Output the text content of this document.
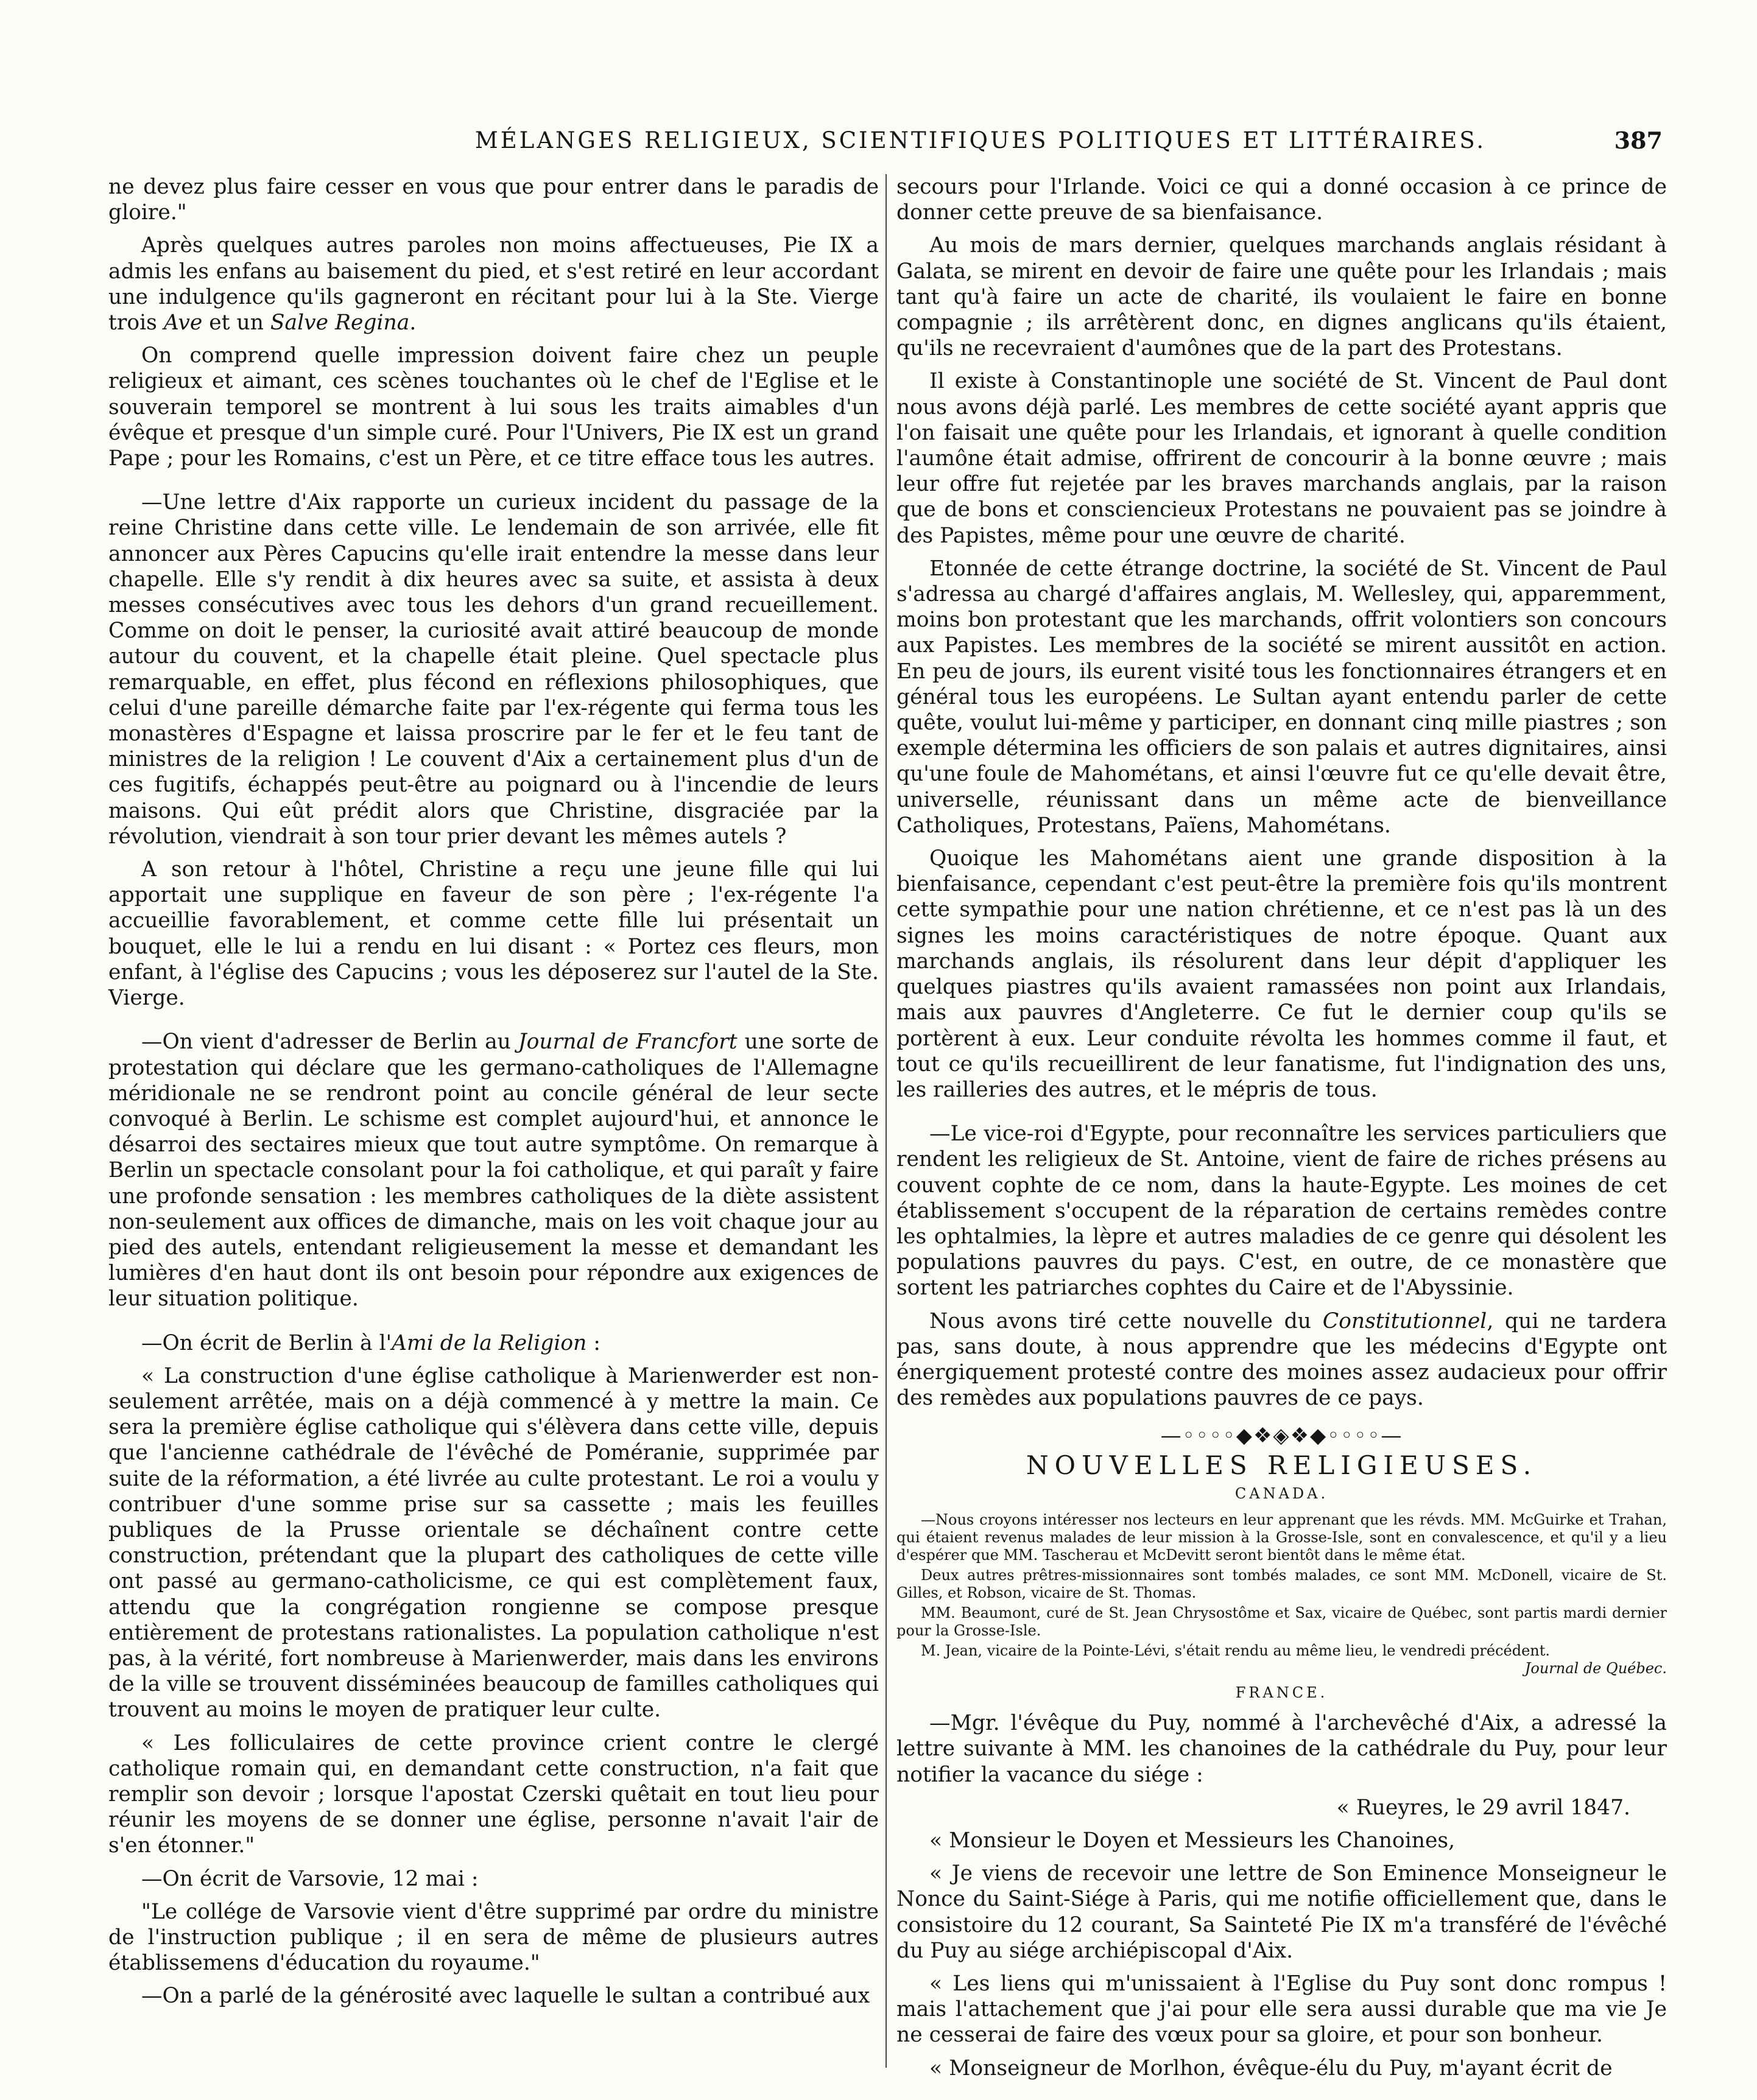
MÉLANGES RELIGIEUX, SCIENTIFIQUES POLITIQUES ET LITTÉRAIRES.	387

ne devez plus faire cesser en vous que pour entrer dans le paradis de gloire."

Après quelques autres paroles non moins affectueuses, Pie IX a admis les enfans au baisement du pied, et s'est retiré en leur accordant une indulgence qu'ils gagneront en récitant pour lui à la Ste. Vierge trois Ave et un Salve Regina.

On comprend quelle impression doivent faire chez un peuple religieux et aimant, ces scènes touchantes où le chef de l'Eglise et le souverain temporel se montrent à lui sous les traits aimables d'un évêque et presque d'un simple curé. Pour l'Univers, Pie IX est un grand Pape ; pour les Romains, c'est un Père, et ce titre efface tous les autres.

—Une lettre d'Aix rapporte un curieux incident du passage de la reine Christine dans cette ville. Le lendemain de son arrivée, elle fit annoncer aux Pères Capucins qu'elle irait entendre la messe dans leur chapelle. Elle s'y rendit à dix heures avec sa suite, et assista à deux messes consécutives avec tous les dehors d'un grand recueillement. Comme on doit le penser, la curiosité avait attiré beaucoup de monde autour du couvent, et la chapelle était pleine. Quel spectacle plus remarquable, en effet, plus fécond en réflexions philosophiques, que celui d'une pareille démarche faite par l'ex-régente qui ferma tous les monastères d'Espagne et laissa proscrire par le fer et le feu tant de ministres de la religion ! Le couvent d'Aix a certainement plus d'un de ces fugitifs, échappés peut-être au poignard ou à l'incendie de leurs maisons. Qui eût prédit alors que Christine, disgraciée par la révolution, viendrait à son tour prier devant les mêmes autels ?

A son retour à l'hôtel, Christine a reçu une jeune fille qui lui apportait une supplique en faveur de son père ; l'ex-régente l'a accueillie favorablement, et comme cette fille lui présentait un bouquet, elle le lui a rendu en lui disant : « Portez ces fleurs, mon enfant, à l'église des Capucins ; vous les déposerez sur l'autel de la Ste. Vierge.

—On vient d'adresser de Berlin au Journal de Francfort une sorte de protestation qui déclare que les germano-catholiques de l'Allemagne méridionale ne se rendront point au concile général de leur secte convoqué à Berlin. Le schisme est complet aujourd'hui, et annonce le désarroi des sectaires mieux que tout autre symptôme. On remarque à Berlin un spectacle consolant pour la foi catholique, et qui paraît y faire une profonde sensation : les membres catholiques de la diète assistent non-seulement aux offices de dimanche, mais on les voit chaque jour au pied des autels, entendant religieusement la messe et demandant les lumières d'en haut dont ils ont besoin pour répondre aux exigences de leur situation politique.

—On écrit de Berlin à l'Ami de la Religion :

« La construction d'une église catholique à Marienwerder est non-seulement arrêtée, mais on a déjà commencé à y mettre la main. Ce sera la première église catholique qui s'élèvera dans cette ville, depuis que l'ancienne cathédrale de l'évêché de Poméranie, supprimée par suite de la réformation, a été livrée au culte protestant. Le roi a voulu y contribuer d'une somme prise sur sa cassette ; mais les feuilles publiques de la Prusse orientale se déchaînent contre cette construction, prétendant que la plupart des catholiques de cette ville ont passé au germano-catholicisme, ce qui est complètement faux, attendu que la congrégation rongienne se compose presque entièrement de protestans rationalistes. La population catholique n'est pas, à la vérité, fort nombreuse à Marienwerder, mais dans les environs de la ville se trouvent disséminées beaucoup de familles catholiques qui trouvent au moins le moyen de pratiquer leur culte.

« Les folliculaires de cette province crient contre le clergé catholique romain qui, en demandant cette construction, n'a fait que remplir son devoir ; lorsque l'apostat Czerski quêtait en tout lieu pour réunir les moyens de se donner une église, personne n'avait l'air de s'en étonner."

—On écrit de Varsovie, 12 mai :

"Le collége de Varsovie vient d'être supprimé par ordre du ministre de l'instruction publique ; il en sera de même de plusieurs autres établissemens d'éducation du royaume."

—On a parlé de la générosité avec laquelle le sultan a contribué aux

secours pour l'Irlande. Voici ce qui a donné occasion à ce prince de donner cette preuve de sa bienfaisance.

Au mois de mars dernier, quelques marchands anglais résidant à Galata, se mirent en devoir de faire une quête pour les Irlandais ; mais tant qu'à faire un acte de charité, ils voulaient le faire en bonne compagnie ; ils arrêtèrent donc, en dignes anglicans qu'ils étaient, qu'ils ne recevraient d'aumônes que de la part des Protestans.

Il existe à Constantinople une société de St. Vincent de Paul dont nous avons déjà parlé. Les membres de cette société ayant appris que l'on faisait une quête pour les Irlandais, et ignorant à quelle condition l'aumône était admise, offrirent de concourir à la bonne œuvre ; mais leur offre fut rejetée par les braves marchands anglais, par la raison que de bons et consciencieux Protestans ne pouvaient pas se joindre à des Papistes, même pour une œuvre de charité.

Etonnée de cette étrange doctrine, la société de St. Vincent de Paul s'adressa au chargé d'affaires anglais, M. Wellesley, qui, apparemment, moins bon protestant que les marchands, offrit volontiers son concours aux Papistes. Les membres de la société se mirent aussitôt en action. En peu de jours, ils eurent visité tous les fonctionnaires étrangers et en général tous les européens. Le Sultan ayant entendu parler de cette quête, voulut lui-même y participer, en donnant cinq mille piastres ; son exemple détermina les officiers de son palais et autres dignitaires, ainsi qu'une foule de Mahométans, et ainsi l'œuvre fut ce qu'elle devait être, universelle, réunissant dans un même acte de bienveillance Catholiques, Protestans, Païens, Mahométans.

Quoique les Mahométans aient une grande disposition à la bienfaisance, cependant c'est peut-être la première fois qu'ils montrent cette sympathie pour une nation chrétienne, et ce n'est pas là un des signes les moins caractéristiques de notre époque. Quant aux marchands anglais, ils résolurent dans leur dépit d'appliquer les quelques piastres qu'ils avaient ramassées non point aux Irlandais, mais aux pauvres d'Angleterre. Ce fut le dernier coup qu'ils se portèrent à eux. Leur conduite révolta les hommes comme il faut, et tout ce qu'ils recueillirent de leur fanatisme, fut l'indignation des uns, les railleries des autres, et le mépris de tous.

—Le vice-roi d'Egypte, pour reconnaître les services particuliers que rendent les religieux de St. Antoine, vient de faire de riches présens au couvent cophte de ce nom, dans la haute-Egypte. Les moines de cet établissement s'occupent de la réparation de certains remèdes contre les ophtalmies, la lèpre et autres maladies de ce genre qui désolent les populations pauvres du pays. C'est, en outre, de ce monastère que sortent les patriarches cophtes du Caire et de l'Abyssinie.

Nous avons tiré cette nouvelle du Constitutionnel, qui ne tardera pas, sans doute, à nous apprendre que les médecins d'Egypte ont énergiquement protesté contre des moines assez audacieux pour offrir des remèdes aux populations pauvres de ce pays.

—◦◦◦◦◆❖◈❖◆◦◦◦◦—
NOUVELLES RELIGIEUSES.
CANADA.

—Nous croyons intéresser nos lecteurs en leur apprenant que les révds. MM. McGuirke et Trahan, qui étaient revenus malades de leur mission à la Grosse-Isle, sont en convalescence, et qu'il y a lieu d'espérer que MM. Tascherau et McDevitt seront bientôt dans le même état.

Deux autres prêtres-missionnaires sont tombés malades, ce sont MM. McDonell, vicaire de St. Gilles, et Robson, vicaire de St. Thomas.

MM. Beaumont, curé de St. Jean Chrysostôme et Sax, vicaire de Québec, sont partis mardi dernier pour la Grosse-Isle.

M. Jean, vicaire de la Pointe-Lévi, s'était rendu au même lieu, le vendredi précédent.
Journal de Québec.

FRANCE.

—Mgr. l'évêque du Puy, nommé à l'archevêché d'Aix, a adressé la lettre suivante à MM. les chanoines de la cathédrale du Puy, pour leur notifier la vacance du siége :

« Rueyres, le 29 avril 1847.

« Monsieur le Doyen et Messieurs les Chanoines,

« Je viens de recevoir une lettre de Son Eminence Monseigneur le Nonce du Saint-Siége à Paris, qui me notifie officiellement que, dans le consistoire du 12 courant, Sa Sainteté Pie IX m'a transféré de l'évêché du Puy au siége archiépiscopal d'Aix.

« Les liens qui m'unissaient à l'Eglise du Puy sont donc rompus ! mais l'attachement que j'ai pour elle sera aussi durable que ma vie Je ne cesserai de faire des vœux pour sa gloire, et pour son bonheur.

« Monseigneur de Morlhon, évêque-élu du Puy, m'ayant écrit de
